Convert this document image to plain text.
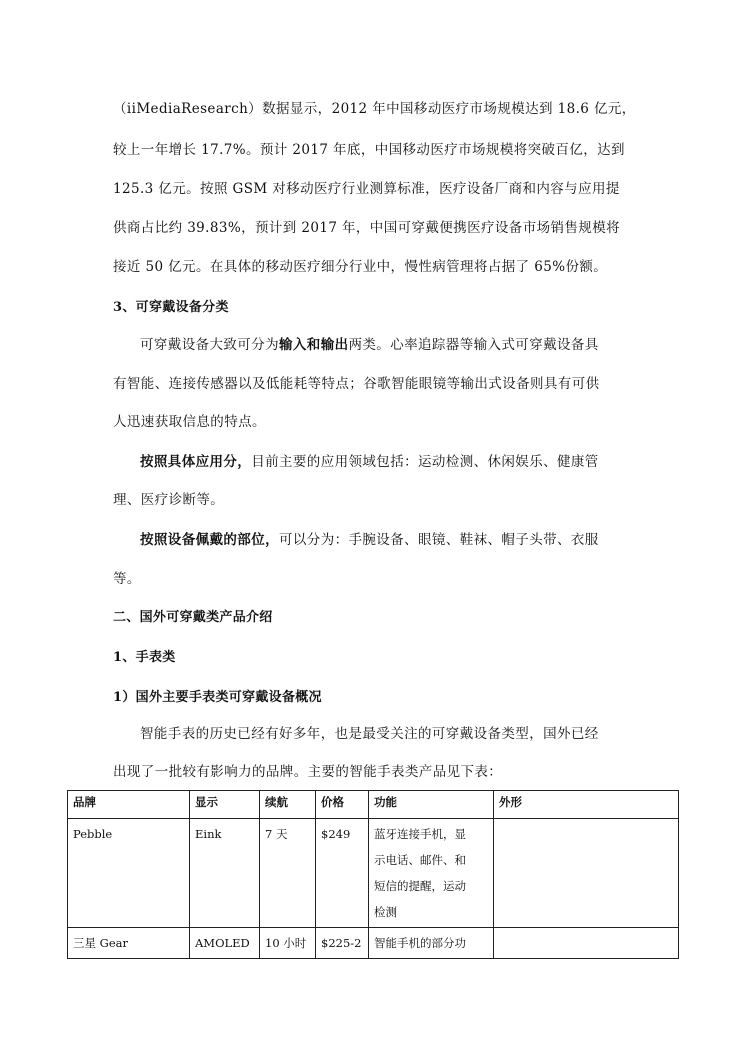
（iiMediaResearch）数据显示，2012 年中国移动医疗市场规模达到 18.6 亿元，
较上一年增长 17.7%。预计 2017 年底，中国移动医疗市场规模将突破百亿，达到
125.3 亿元。按照 GSM 对移动医疗行业测算标准，医疗设备厂商和内容与应用提
供商占比约 39.83%，预计到 2017 年，中国可穿戴便携医疗设备市场销售规模将
接近 50 亿元。在具体的移动医疗细分行业中，慢性病管理将占据了 65%份额。
3、可穿戴设备分类
可穿戴设备大致可分为输入和输出两类。心率追踪器等输入式可穿戴设备具
有智能、连接传感器以及低能耗等特点；谷歌智能眼镜等输出式设备则具有可供
人迅速获取信息的特点。
按照具体应用分，目前主要的应用领域包括：运动检测、休闲娱乐、健康管
理、医疗诊断等。
按照设备佩戴的部位，可以分为：手腕设备、眼镜、鞋袜、帽子头带、衣服
等。
二、国外可穿戴类产品介绍
1、手表类
1）国外主要手表类可穿戴设备概况
智能手表的历史已经有好多年，也是最受关注的可穿戴设备类型，国外已经
出现了一批较有影响力的品牌。主要的智能手表类产品见下表：
品牌	显示	续航	价格	功能	外形
Pebble	Eink	7 天	$249	蓝牙连接手机，显
示电话、邮件、和
短信的提醒，运动
检测	

三星 Gear	AMOLED	10 小时	$225-2	智能手机的部分功	
